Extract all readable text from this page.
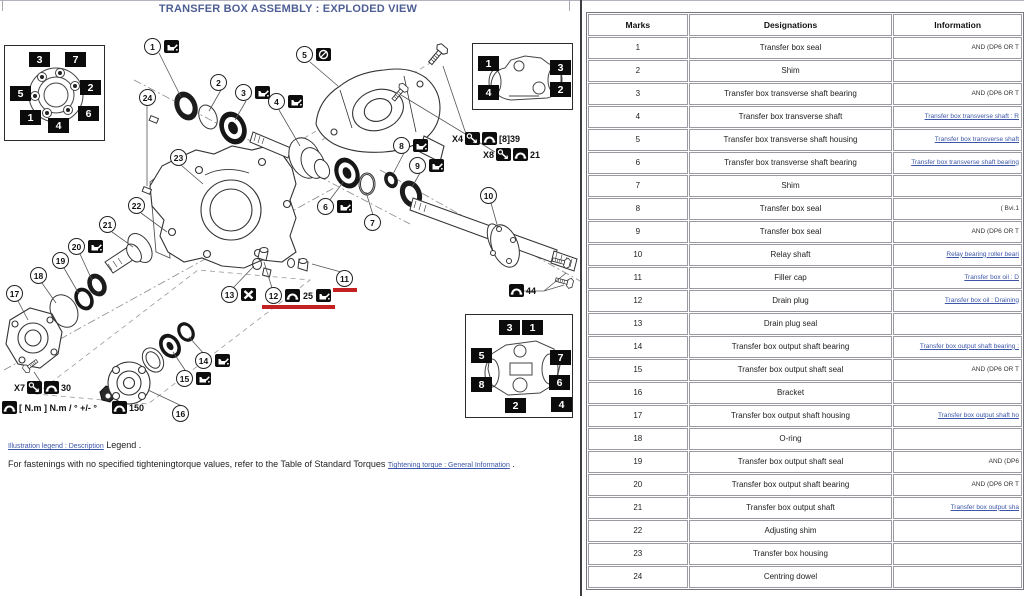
TRANSFER BOX ASSEMBLY : EXPLODED VIEW
3	7
5	2
1
4
6
1	3
4	2
3	1
5	7
8	6
2	4
1
2
3
4
5
6
7
8
9
10
11
12	25
13
14
15
16
17
18
19
20
21
22
23
24
X4	[8]39
X8	21
44
X7	30
[ N.m ] N.m / ° +/- °	150
Marks	Designations	Information
1	Transfer box seal	AND (DP6 OR T
2	Shim	
3	Transfer box transverse shaft bearing	AND (DP6 OR T
4	Transfer box transverse shaft	Transfer box transverse shaft : R
5	Transfer box transverse shaft housing	Transfer box transverse shaft
6	Transfer box transverse shaft bearing	Transfer box transverse shaft bearing
7	Shim	
8	Transfer box seal	( Bvi.1
9	Transfer box seal	AND (DP6 OR T
10	Relay shaft	Relay bearing roller beari
11	Filler cap	Transfer box oil : D
12	Drain plug	Transfer box oil : Draining
13	Drain plug seal	
14	Transfer box output shaft bearing	Transfer box output shaft bearing :
15	Transfer box output shaft seal	AND (DP6 OR T
16	Bracket	
17	Transfer box output shaft housing	Transfer box output shaft ho
18	O-ring	
19	Transfer box output shaft seal	AND (DP6
20	Transfer box output shaft bearing	AND (DP6 OR T
21	Transfer box output shaft	Transfer box output sha
22	Adjusting shim	
23	Transfer box housing	
24	Centring dowel	
Illustration legend : Description Legend .
For fastenings with no specified tighteningtorque values, refer to the Table of Standard Torques Tightening torque : General Information .
